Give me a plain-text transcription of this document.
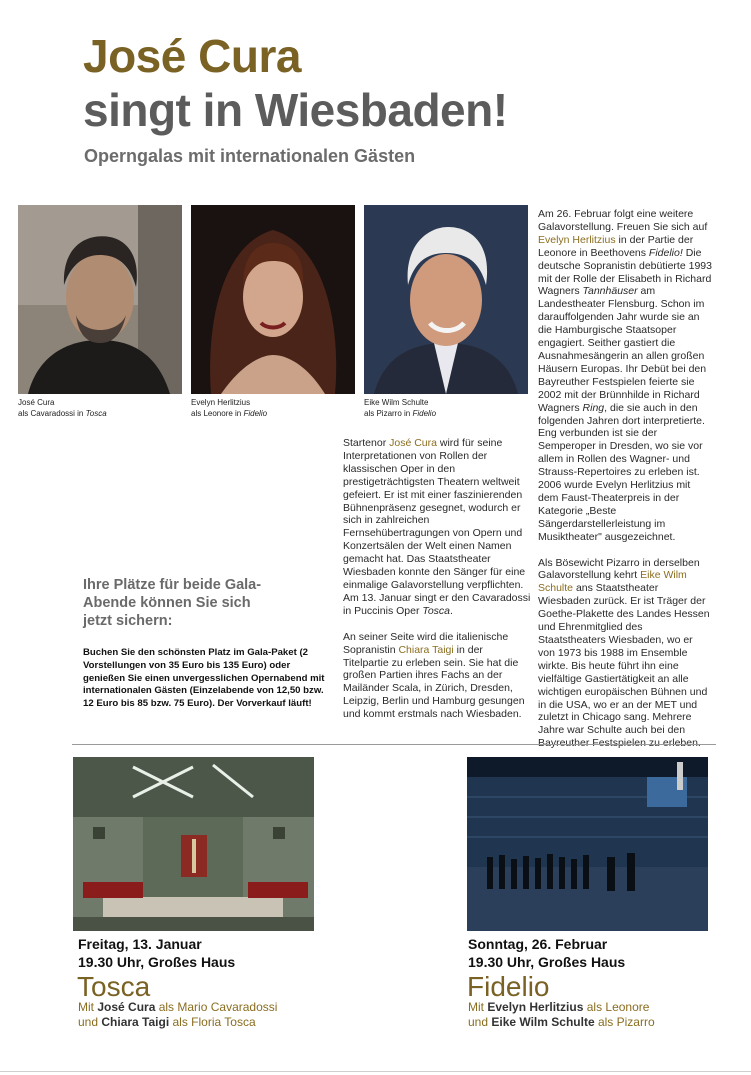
José Cura
singt in Wiesbaden!
Operngalas mit internationalen Gästen
José Cura
als Cavaradossi in Tosca
Evelyn Herlitzius
als Leonore in Fidelio
Eike Wilm Schulte
als Pizarro in Fidelio

Startenor José Cura wird für seine Interpretationen von Rollen der klassischen Oper in den prestigeträchtigsten Theatern weltweit gefeiert. Er ist mit einer faszinierenden Bühnenpräsenz gesegnet, wodurch er sich in zahlreichen Fernsehübertragungen von Opern und Konzertsälen der Welt einen Namen gemacht hat. Das Staatstheater Wiesbaden konnte den Sänger für eine einmalige Galavorstellung verpflichten. Am 13. Januar singt er den Cavaradossi in Puccinis Oper Tosca.

An seiner Seite wird die italienische Sopranistin Chiara Taigi in der Titelpartie zu erleben sein. Sie hat die großen Partien ihres Fachs an der Mailänder Scala, in Zürich, Dresden, Leipzig, Berlin und Hamburg gesungen und kommt erstmals nach Wiesbaden.

Am 26. Februar folgt eine weitere Galavorstellung. Freuen Sie sich auf Evelyn Herlitzius in der Partie der Leonore in Beethovens Fidelio! Die deutsche Sopranistin debütierte 1993 mit der Rolle der Elisabeth in Richard Wagners Tannhäuser am Landestheater Flensburg. Schon im darauffolgenden Jahr wurde sie an die Hamburgische Staatsoper engagiert. Seither gastiert die Ausnahmesängerin an allen großen Häusern Europas. Ihr Debüt bei den Bayreuther Festspielen feierte sie 2002 mit der Brünnhilde in Richard Wagners Ring, die sie auch in den folgenden Jahren dort interpretierte. Eng verbunden ist sie der Semperoper in Dresden, wo sie vor allem in Rollen des Wagner- und Strauss-Repertoires zu erleben ist. 2006 wurde Evelyn Herlitzius mit dem Faust-Theaterpreis in der Kategorie „Beste Sängerdarstellerleistung im Musiktheater" ausgezeichnet.

Als Bösewicht Pizarro in derselben Galavorstellung kehrt Eike Wilm Schulte ans Staatstheater Wiesbaden zurück. Er ist Träger der Goethe-Plakette des Landes Hessen und Ehrenmitglied des Staatstheaters Wiesbaden, wo er von 1973 bis 1988 im Ensemble wirkte. Bis heute führt ihn eine vielfältige Gastiertätigkeit an alle wichtigen europäischen Bühnen und in die USA, wo er an der MET und zuletzt in Chicago sang. Mehrere Jahre war Schulte auch bei den

Ihre Plätze für beide Gala-Abende können Sie sich jetzt sichern:
Buchen Sie den schönsten Platz im Gala-Paket (2 Vorstellungen von 35 Euro bis 135 Euro) oder genießen Sie einen unvergesslichen Opernabend mit internationalen Gästen (Einzelabende von 12,50 bzw. 12 Euro bis 85 bzw. 75 Euro). Der Vorverkauf läuft!
Freitag, 13. Januar
19.30 Uhr, Großes Haus
Tosca
Mit José Cura als Mario Cavaradossi
und Chiara Taigi als Floria Tosca
Sonntag, 26. Februar
19.30 Uhr, Großes Haus
Fidelio
Mit Evelyn Herlitzius als Leonore
und Eike Wilm Schulte als Pizarro
